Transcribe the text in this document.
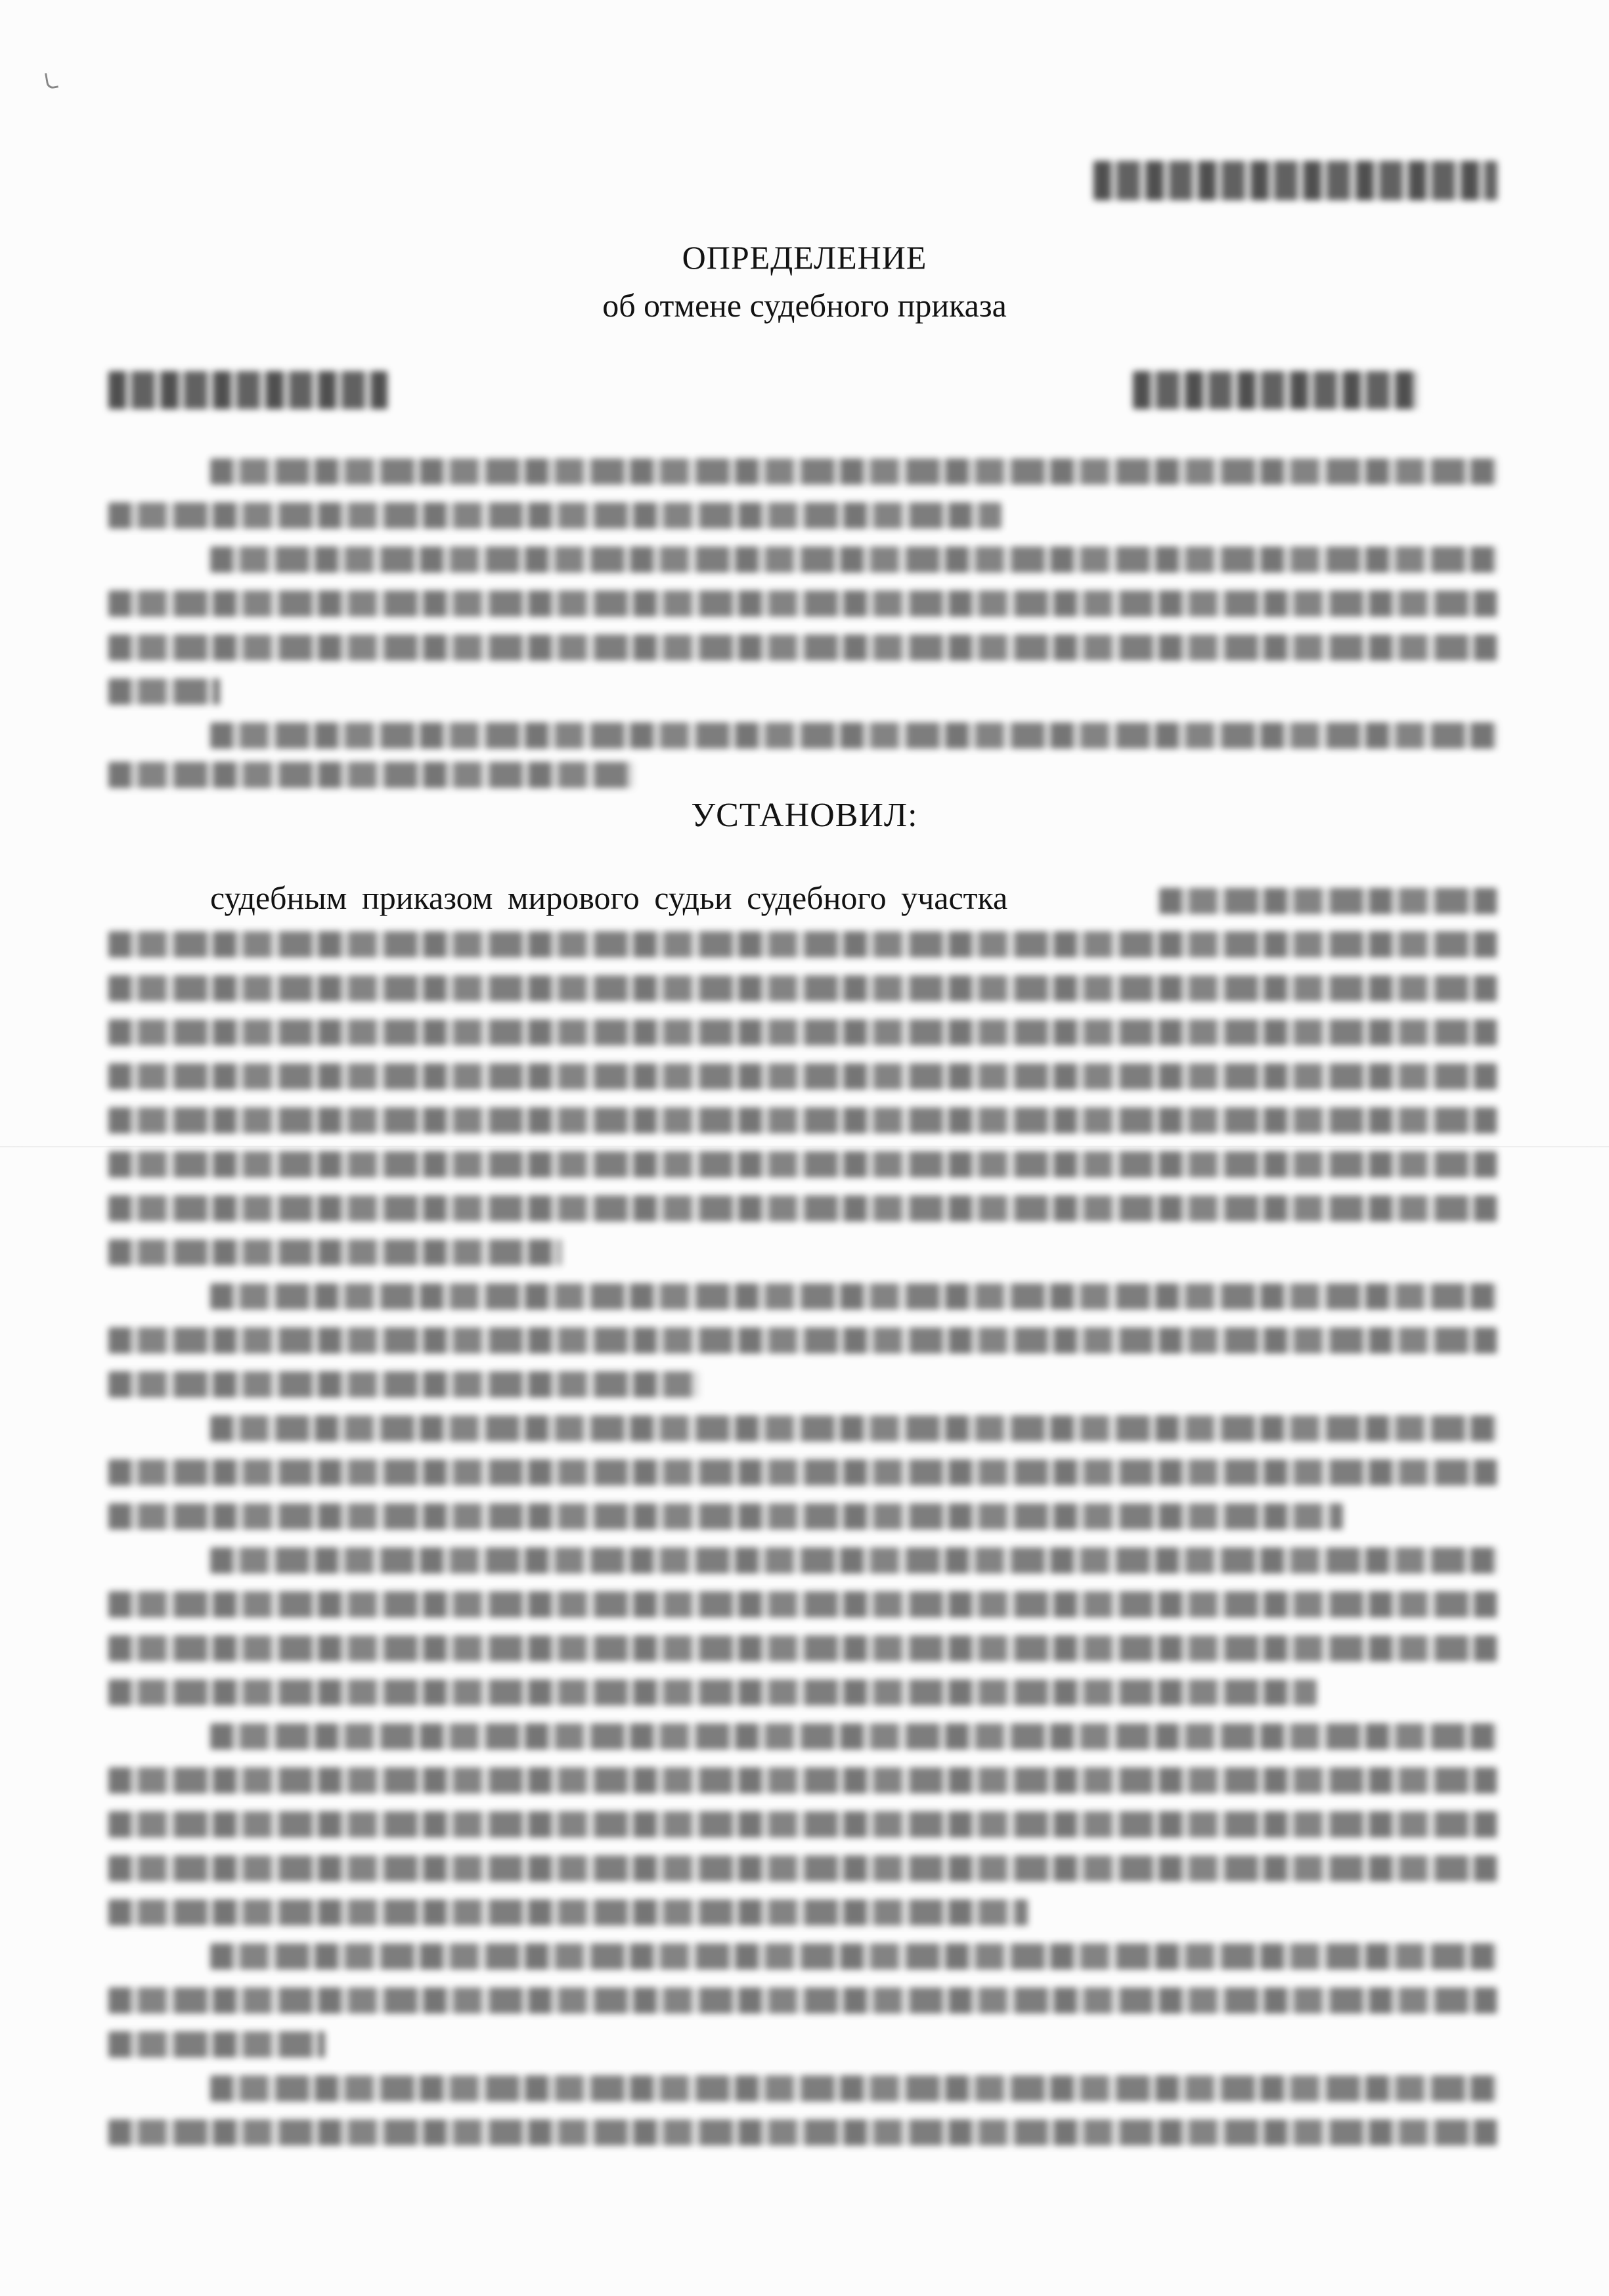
ОПРЕДЕЛЕНИЕ
об отмене судебного приказа
УСТАНОВИЛ:
судебным приказом мирового судьи судебного участка
